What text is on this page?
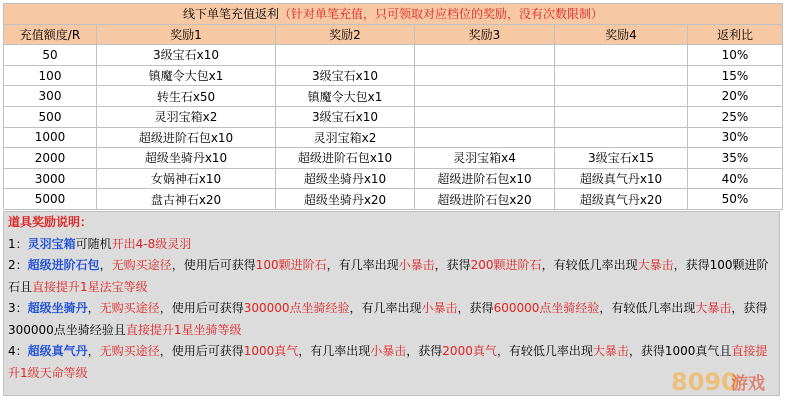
线下单笔充值返利（针对单笔充值，只可领取对应档位的奖励，没有次数限制）					
充值额度/R	奖励1	奖励2	奖励3	奖励4	返利比
50	3级宝石x10				10%
100	镇魔令大包x1	3级宝石x10			15%
300	转生石x50	镇魔令大包x1			20%
500	灵羽宝箱x2	3级宝石x10			25%
1000	超级进阶石包x10	灵羽宝箱x2			30%
2000	超级坐骑丹x10	超级进阶石包x10	灵羽宝箱x4	3级宝石x15	35%
3000	女娲神石x10	超级坐骑丹x10	超级进阶石包x10	超级真气丹x10	40%
5000	盘古神石x20	超级坐骑丹x20	超级进阶石包x20	超级真气丹x20	50%
道具奖励说明：
1：灵羽宝箱可随机开出4-8级灵羽
2：超级进阶石包，无购买途径，使用后可获得100颗进阶石，有几率出现小暴击，获得200颗进阶石，有较低几率出现大暴击，获得100颗进阶石且直接提升1星法宝等级
3：超级坐骑丹，无购买途径，使用后可获得300000点坐骑经验，有几率出现小暴击，获得600000点坐骑经验，有较低几率出现大暴击，获得300000点坐骑经验且直接提升1星坐骑等级
4：超级真气丹，无购买途径，使用后可获得1000真气，有几率出现小暴击，获得2000真气，有较低几率出现大暴击，获得1000真气且直接提升1级天命等级	8090
游戏
